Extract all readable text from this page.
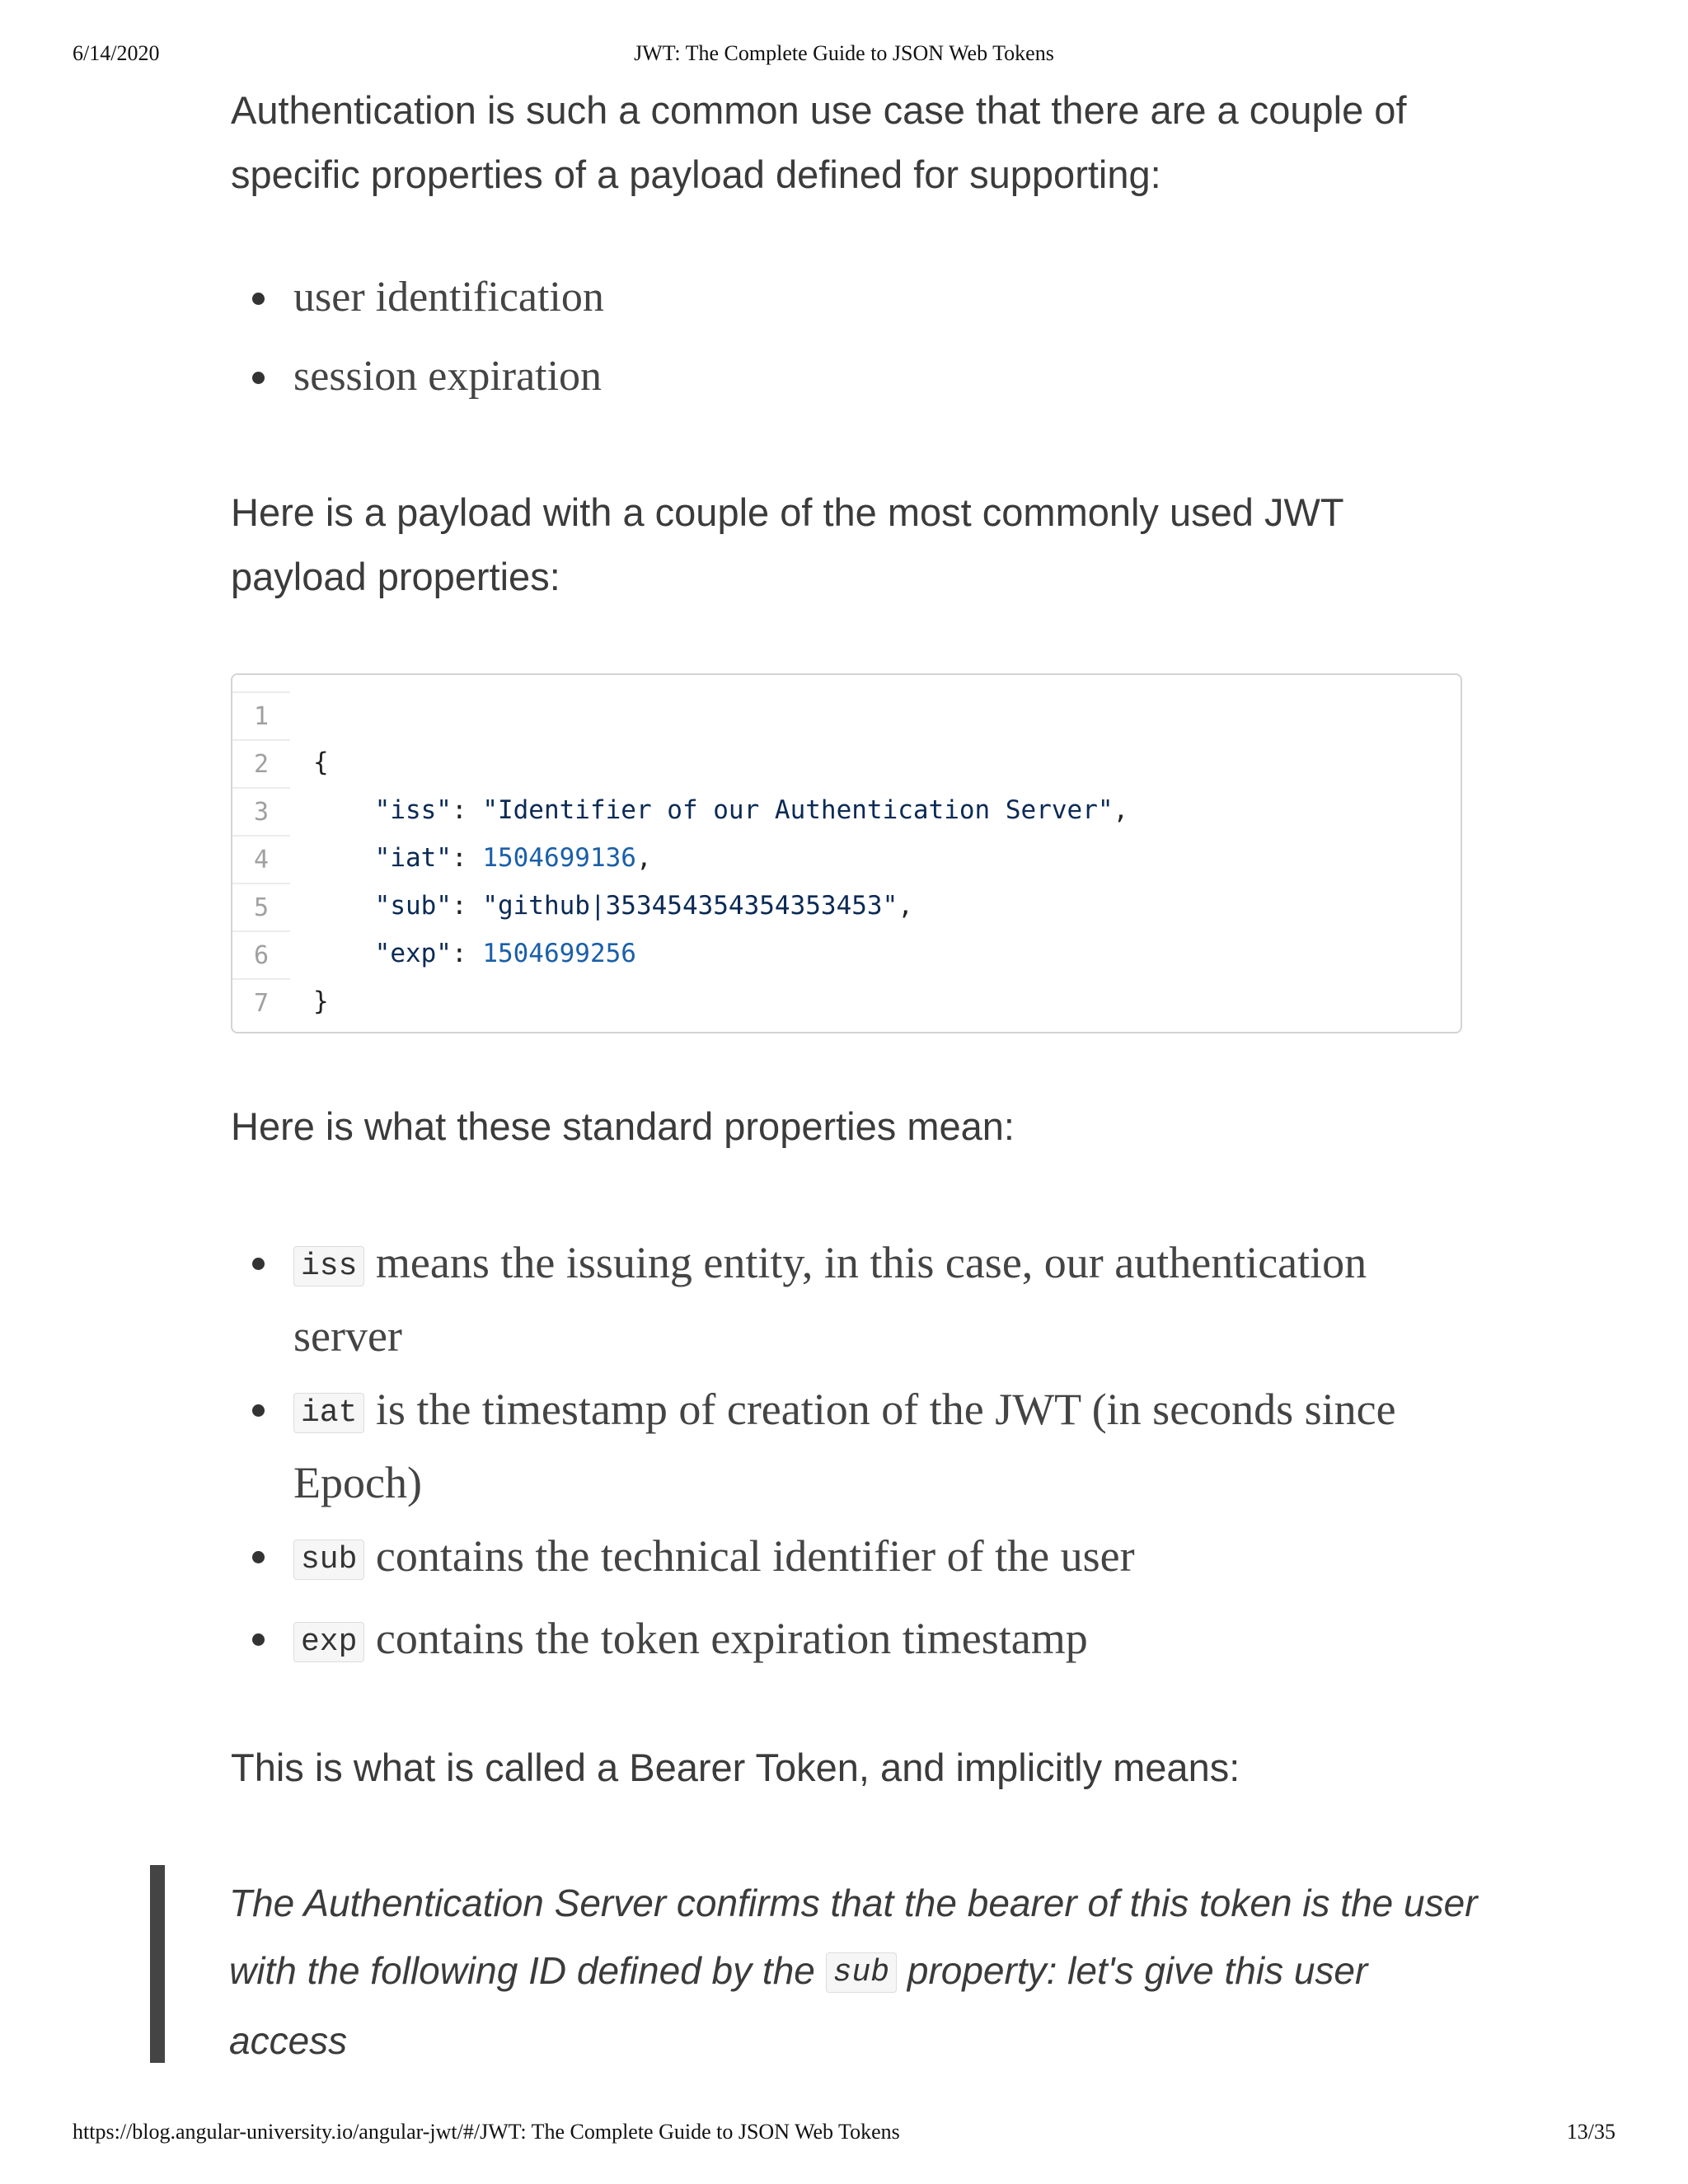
6/14/2020	JWT: The Complete Guide to JSON Web Tokens

Authentication is such a common use case that there are a couple of specific properties of a payload defined for supporting:

user identification
session expiration

Here is a payload with a couple of the most commonly used JWT payload properties:

Here is what these standard properties mean:

iss means the issuing entity, in this case, our authentication server
iat is the timestamp of creation of the JWT (in seconds since Epoch)
sub contains the technical identifier of the user
exp contains the token expiration timestamp

This is what is called a Bearer Token, and implicitly means:

1
2	{
3	"iss": "Identifier of our Authentication Server",
4	"iat": 1504699136,
5	"sub": "github|353454354354353453",
6	"exp": 1504699256
7	}

The Authentication Server confirms that the bearer of this token is the user with the following ID defined by the sub property: let's give this user access

https://blog.angular-university.io/angular-jwt/#/JWT: The Complete Guide to JSON Web Tokens	13/35
